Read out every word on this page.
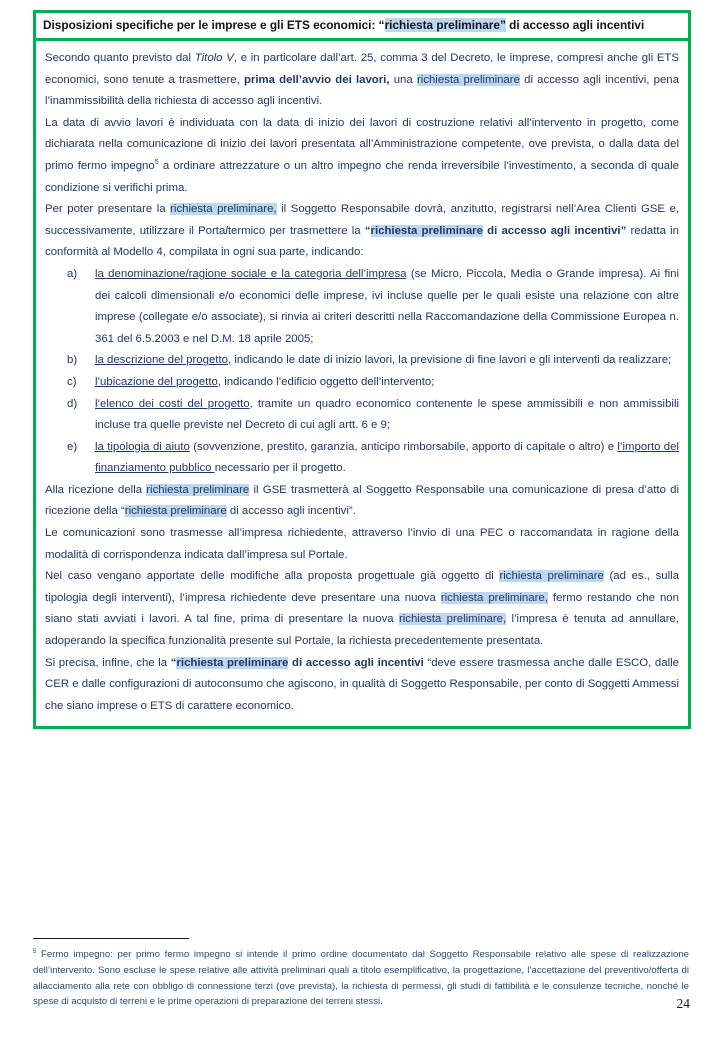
Disposizioni specifiche per le imprese e gli ETS economici: “richiesta preliminare” di accesso agli incentivi
Secondo quanto previsto dal Titolo V, e in particolare dall’art. 25, comma 3 del Decreto, le imprese, compresi anche gli ETS economici, sono tenute a trasmettere, prima dell’avvio dei lavori, una richiesta preliminare di accesso agli incentivi, pena l’inammissibilità della richiesta di accesso agli incentivi.
La data di avvio lavori è individuata con la data di inizio dei lavori di costruzione relativi all’intervento in progetto, come dichiarata nella comunicazione di inizio dei lavori presentata all’Amministrazione competente, ove prevista, o dalla data del primo fermo impegno$^5$ a ordinare attrezzature o un altro impegno che renda irreversibile l’investimento, a seconda di quale condizione si verifichi prima.
Per poter presentare la richiesta preliminare, il Soggetto Responsabile dovrà, anzitutto, registrarsi nell’Area Clienti GSE e, successivamente, utilizzare il Portaltermico per trasmettere la “richiesta preliminare di accesso agli incentivi” redatta in conformità al Modello 4, compilata in ogni sua parte, indicando:
a)	la denominazione/ragione sociale e la categoria dell’impresa (se Micro, Piccola, Media o Grande impresa). Ai fini dei calcoli dimensionali e/o economici delle imprese, ivi incluse quelle per le quali esiste una relazione con altre imprese (collegate e/o associate), si rinvia ai criteri descritti nella Raccomandazione della Commissione Europea n. 361 del 6.5.2003 e nel D.M. 18 aprile 2005;
b)	la descrizione del progetto, indicando le date di inizio lavori, la previsione di fine lavori e gli interventi da realizzare;
c)	l’ubicazione del progetto, indicando l’edificio oggetto dell’intervento;
d)	l’elenco dei costi del progetto, tramite un quadro economico contenente le spese ammissibili e non ammissibili incluse tra quelle previste nel Decreto di cui agli artt. 6 e 9;
e)	la tipologia di aiuto (sovvenzione, prestito, garanzia, anticipo rimborsabile, apporto di capitale o altro) e l’importo del finanziamento pubblico necessario per il progetto.
Alla ricezione della richiesta preliminare il GSE trasmetterà al Soggetto Responsabile una comunicazione di presa d’atto di ricezione della “richiesta preliminare di accesso agli incentivi”.
Le comunicazioni sono trasmesse all’impresa richiedente, attraverso l’invio di una PEC o raccomandata in ragione della modalità di corrispondenza indicata dall’impresa sul Portale.
Nel caso vengano apportate delle modifiche alla proposta progettuale già oggetto di richiesta preliminare (ad es., sulla tipologia degli interventi), l’impresa richiedente deve presentare una nuova richiesta preliminare, fermo restando che non siano stati avviati i lavori. A tal fine, prima di presentare la nuova richiesta preliminare, l’impresa è tenuta ad annullare, adoperando la specifica funzionalità presente sul Portale, la richiesta precedentemente presentata.
Si precisa, infine, che la “richiesta preliminare di accesso agli incentivi “deve essere trasmessa anche dalle ESCO, dalle CER e dalle configurazioni di autoconsumo che agiscono, in qualità di Soggetto Responsabile, per conto di Soggetti Ammessi che siano imprese o ETS di carattere economico.
$^5$ Fermo impegno: per primo fermo impegno si intende il primo ordine documentato dal Soggetto Responsabile relativo alle spese di realizzazione dell’intervento. Sono escluse le spese relative alle attività preliminari quali a titolo esemplificativo, la progettazione, l’accettazione del preventivo/offerta di allacciamento alla rete con obbligo di connessione terzi (ove prevista), la richiesta di permessi, gli studi di fattibilità e le consulenze tecniche, nonché le spese di acquisto di terreni e le prime operazioni di preparazione dei terreni stessi.	24
